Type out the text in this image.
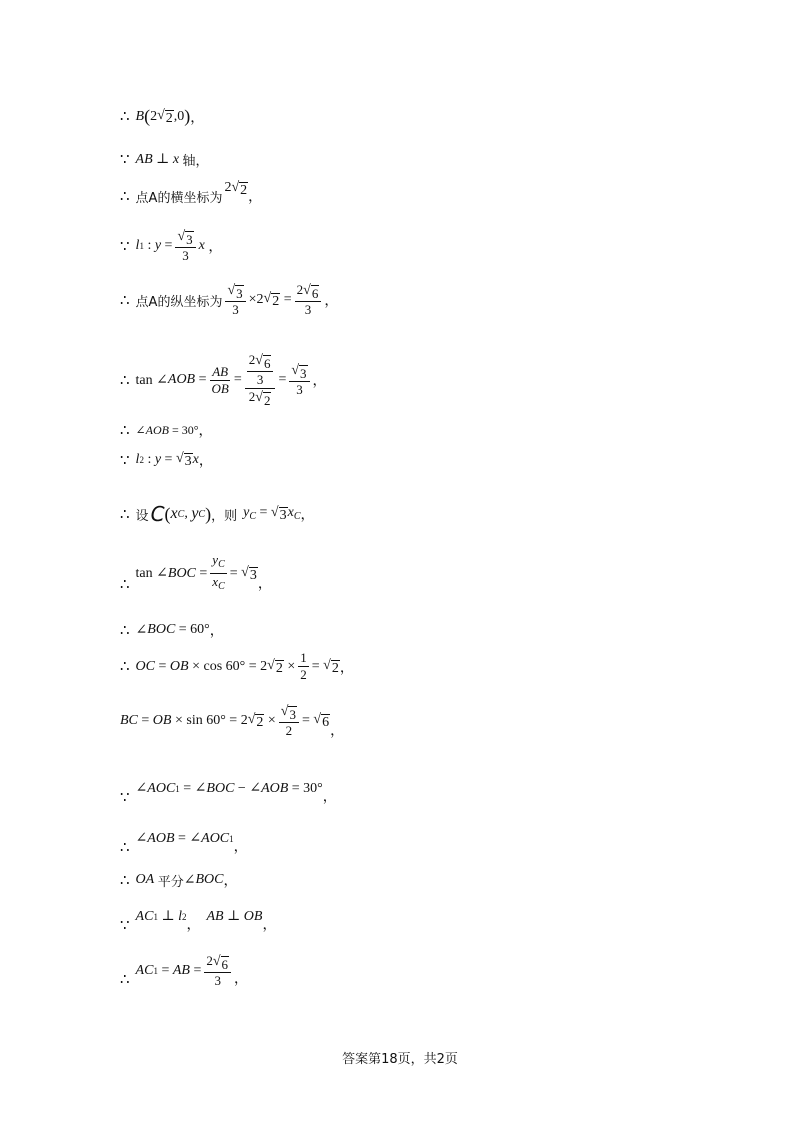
∴ B ( 2 √ 2 ,0 ) ，
∵ AB ⊥ x
轴，
∴ 点A的横坐标为
2 √ 2 ，
∵ l 1 : $y = \frac{√ 3}{3}$ x
，
∴ 点A的纵坐标为 $\frac{√ 3}{3} \times 2$ √ $2 = \frac{2 √ 6}{3}$ ，
∴ tan ∠ AOB = $\frac{AB}{OB} = \frac{\frac{2 √ 6}{3}}{2 √ 2} = \frac{√ 3}{3}$ ，
∴ ∠AOB = 30° ，
∵ l 2 : y = √ 3 x ，
∴ 设 C ( x C , y C ) ，则 $y_C$ = √ 3 $x_C$ ，
∴
tan ∠ BOC = $\frac{y_C}{x_C}$ = √ 3
，
∴ ∠ BOC = 60° ，
∴ OC = OB × cos 60° = 2 √ $2 \times \frac{1}{2}$ = √ 2 ，
BC = OB × sin 60° = 2 √ $2 \times \frac{√ 3}{2}$ = √ 6
，
∵
∠ AOC 1 = ∠ BOC − ∠ AOB = 30°
，
∴
∠ AOB = ∠ AOC 1
，
∴ OA
平分 ∠ BOC ，
∵
AC 1 ⊥ l 2
，
AB ⊥ OB
，
∴
AC 1 = AB = $\frac{2 √ 6}{3}$ ，
答案第18页，共2页
